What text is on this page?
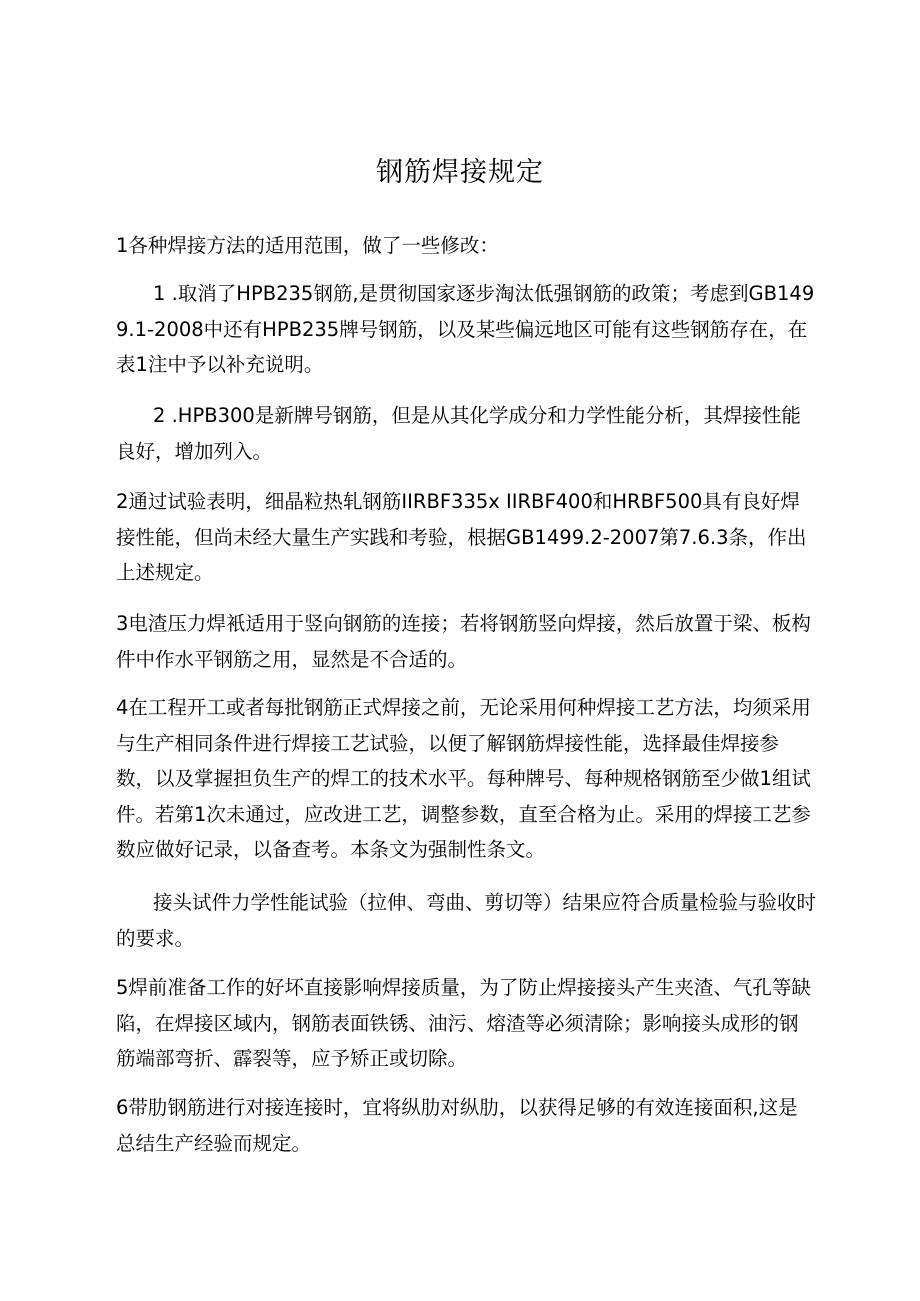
钢筋焊接规定

1各种焊接方法的适用范围，做了一些修改：

1 .取消了HPB235钢筋,是贯彻国家逐步淘汰低强钢筋的政策；考虑到GB1499.1-2008中还有HPB235牌号钢筋，以及某些偏远地区可能有这些钢筋存在，在表1注中予以补充说明。

2 .HPB300是新牌号钢筋，但是从其化学成分和力学性能分析，其焊接性能良好，增加列入。

2通过试验表明，细晶粒热轧钢筋IIRBF335x IIRBF400和HRBF500具有良好焊接性能，但尚未经大量生产实践和考验，根据GB1499.2-2007第7.6.3条，作出上述规定。

3电渣压力焊衹适用于竖向钢筋的连接；若将钢筋竖向焊接，然后放置于梁、板构件中作水平钢筋之用，显然是不合适的。

4在工程开工或者每批钢筋正式焊接之前，无论采用何种焊接工艺方法，均须采用与生产相同条件进行焊接工艺试验，以便了解钢筋焊接性能，选择最佳焊接参数，以及掌握担负生产的焊工的技术水平。每种牌号、每种规格钢筋至少做1组试件。若第1次未通过，应改进工艺，调整参数，直至合格为止。采用的焊接工艺参数应做好记录，以备查考。本条文为强制性条文。

接头试件力学性能试验（拉伸、弯曲、剪切等）结果应符合质量检验与验收时的要求。

5焊前准备工作的好坏直接影响焊接质量，为了防止焊接接头产生夹渣、气孔等缺陷，在焊接区域内，钢筋表面铁锈、油污、熔渣等必须清除；影响接头成形的钢筋端部弯折、霹裂等，应予矫正或切除。

6带肋钢筋进行对接连接时，宜将纵肋对纵肋，以获得足够的有效连接面积,这是总结生产经验而规定。
